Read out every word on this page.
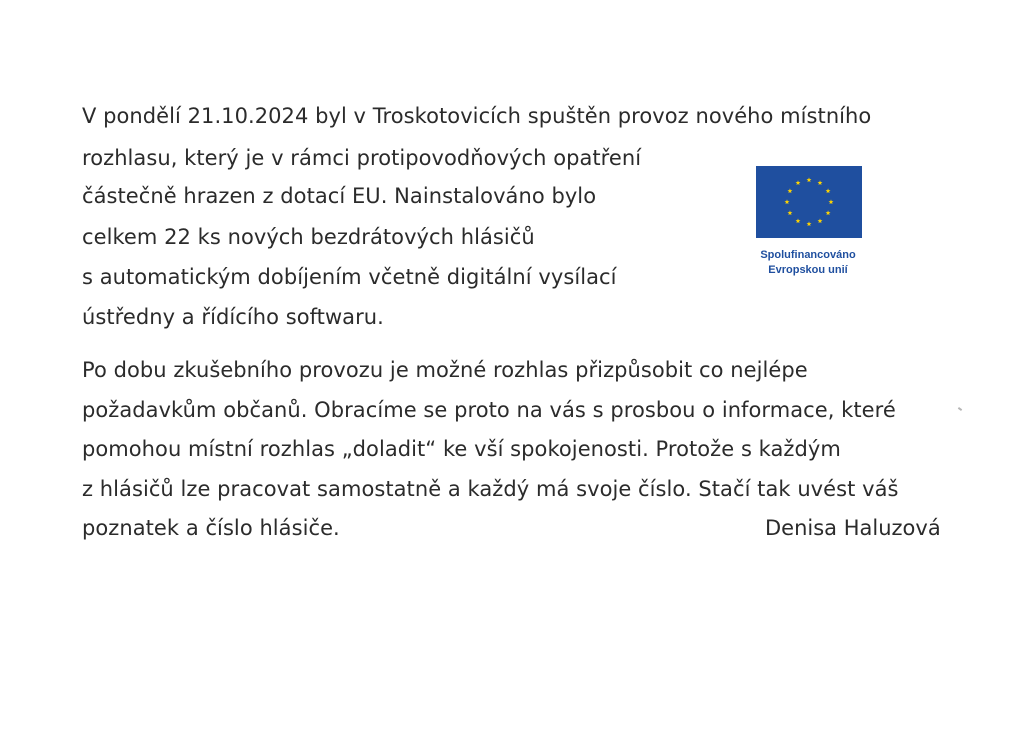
V pondělí 21.10.2024 byl v Troskotovicích spuštěn provoz nového místního
rozhlasu, který je v rámci protipovodňových opatření
částečně hrazen z dotací EU. Nainstalováno bylo
celkem 22 ks nových bezdrátových hlásičů
s automatickým dobíjením včetně digitální vysílací
ústředny a řídícího softwaru.
Spolufinancováno
Evropskou unií
Po dobu zkušebního provozu je možné rozhlas přizpůsobit co nejlépe
požadavkům občanů. Obracíme se proto na vás s prosbou o informace, které
pomohou místní rozhlas „doladit“ ke vší spokojenosti. Protože s každým
z hlásičů lze pracovat samostatně a každý má svoje číslo. Stačí tak uvést váš
poznatek a číslo hlásiče.	Denisa Haluzová
